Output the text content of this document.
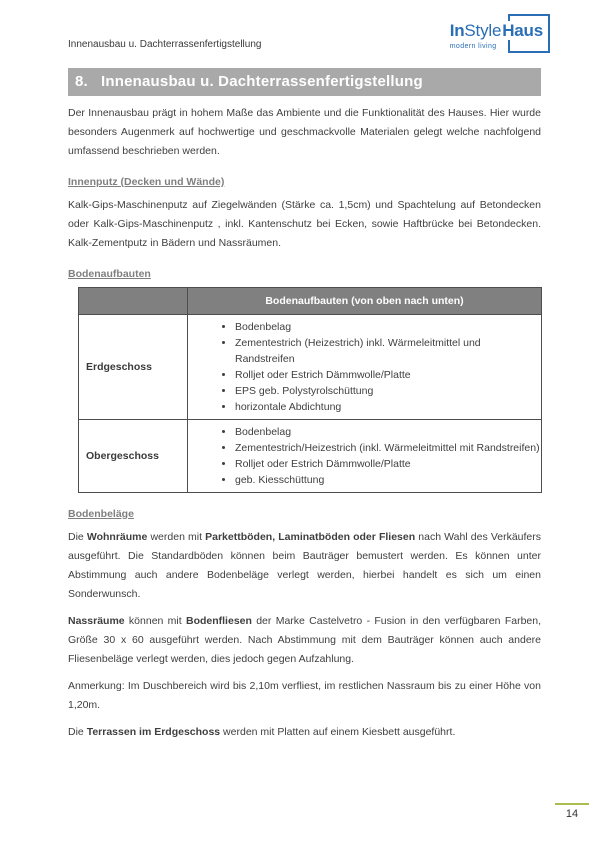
Innenausbau u. Dachterrassenfertigstellung
InStyleHaus
modern living
8. Innenausbau u. Dachterrassenfertigstellung

Der Innenausbau prägt in hohem Maße das Ambiente und die Funktionalität des Hauses. Hier wurde besonders Augenmerk auf hochwertige und geschmackvolle Materialen gelegt welche nachfolgend umfassend beschrieben werden.

Innenputz (Decken und Wände)

Kalk-Gips-Maschinenputz auf Ziegelwänden (Stärke ca. 1,5cm) und Spachtelung auf Betondecken oder Kalk-Gips-Maschinenputz , inkl. Kantenschutz bei Ecken, sowie Haftbrücke bei Betondecken. Kalk-Zementputz in Bädern und Nassräumen.

Bodenaufbauten
	Bodenaufbauten (von oben nach unten)
Erdgeschoss	
• Bodenbelag
• Zementestrich (Heizestrich) inkl. Wärmeleitmittel und Randstreifen
• Rolljet oder Estrich Dämmwolle/Platte
• EPS geb. Polystyrolschüttung
• horizontale Abdichtung

Obergeschoss	
• Bodenbelag
• Zementestrich/Heizestrich (inkl. Wärmeleitmittel mit Randstreifen)
• Rolljet oder Estrich Dämmwolle/Platte
• geb. Kiesschüttung
Bodenbeläge

Die Wohnräume werden mit Parkettböden, Laminatböden oder Fliesen nach Wahl des Verkäufers ausgeführt. Die Standardböden können beim Bauträger bemustert werden. Es können unter Abstimmung auch andere Bodenbeläge verlegt werden, hierbei handelt es sich um einen Sonderwunsch.

Nassräume können mit Bodenfliesen der Marke Castelvetro - Fusion in den verfügbaren Farben, Größe 30 x 60 ausgeführt werden. Nach Abstimmung mit dem Bauträger können auch andere Fliesenbeläge verlegt werden, dies jedoch gegen Aufzahlung.

Anmerkung: Im Duschbereich wird bis 2,10m verfliest, im restlichen Nassraum bis zu einer Höhe von 1,20m.

Die Terrassen im Erdgeschoss werden mit Platten auf einem Kiesbett ausgeführt.

14
